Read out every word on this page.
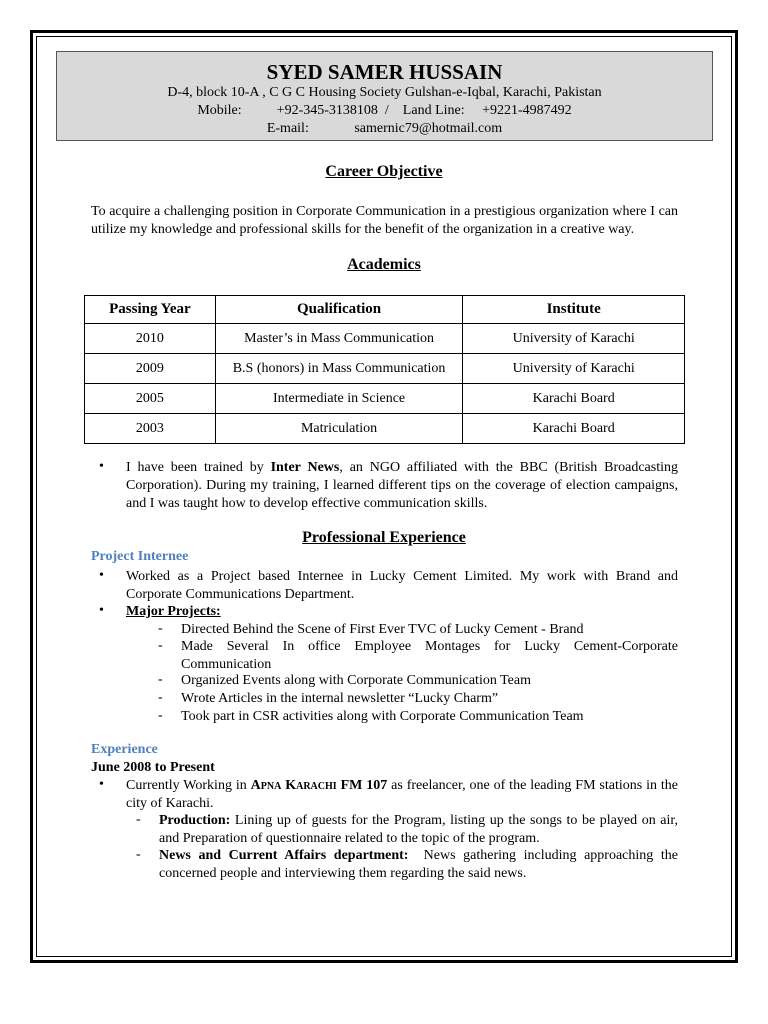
SYED SAMER HUSSAIN
D-4, block 10-A , C G C Housing Society Gulshan-e-Iqbal, Karachi, Pakistan
Mobile:	+92-345-3138108 / Land Line: +9221-4987492
E-mail:	samernic79@hotmail.com
Career Objective
To acquire a challenging position in Corporate Communication in a prestigious organization where I can utilize my knowledge and professional skills for the benefit of the organization in a creative way.
Academics
Passing Year	Qualification	Institute
2010	Master’s in Mass Communication	University of Karachi
2009	B.S (honors) in Mass Communication	University of Karachi
2005	Intermediate in Science	Karachi Board
2003	Matriculation	Karachi Board
• I have been trained by Inter News, an NGO affiliated with the BBC (British Broadcasting Corporation). During my training, I learned different tips on the coverage of election campaigns, and I was taught how to develop effective communication skills.
Professional Experience
Project Internee
• Worked as a Project based Internee in Lucky Cement Limited. My work with Brand and Corporate Communications Department.
• Major Projects:
- Directed Behind the Scene of First Ever TVC of Lucky Cement - Brand
- Made Several In office Employee Montages for Lucky Cement-Corporate Communication
- Organized Events along with Corporate Communication Team
- Wrote Articles in the internal newsletter “Lucky Charm”
- Took part in CSR activities along with Corporate Communication Team
Experience
June 2008 to Present
• Currently Working in Apna Karachi FM 107 as freelancer, one of the leading FM stations in the city of Karachi.
- Production: Lining up of guests for the Program, listing up the songs to be played on air, and Preparation of questionnaire related to the topic of the program.
- News and Current Affairs department:  News gathering including approaching the concerned people and interviewing them regarding the said news.
